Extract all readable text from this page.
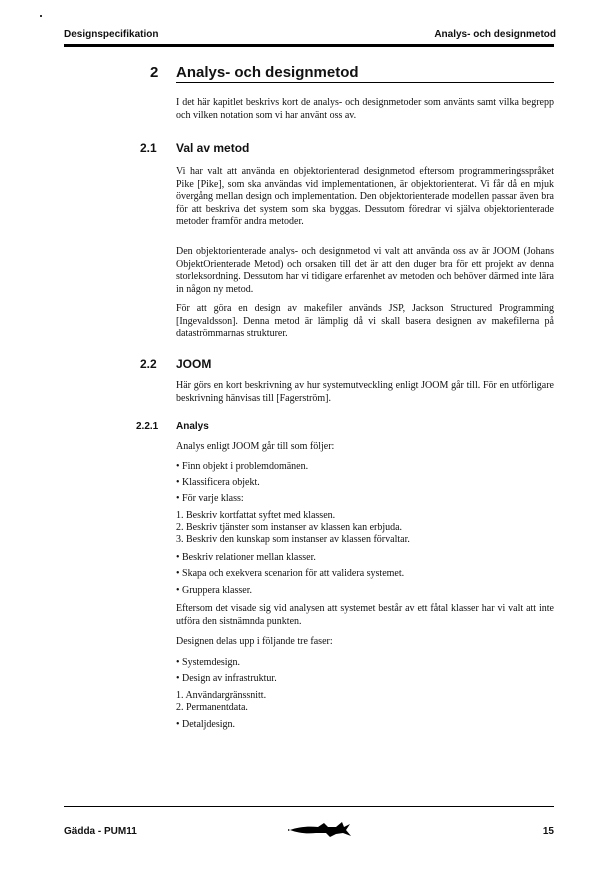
Designspecifikation	Analys- och designmetod
2 Analys- och designmetod

I det här kapitlet beskrivs kort de analys- och designmetoder som använts samt vilka begrepp och vilken notation som vi har använt oss av.

2.1 Val av metod

Vi har valt att använda en objektorienterad designmetod eftersom programmeringsspråket Pike [Pike], som ska användas vid implementationen, är objektorienterat. Vi får då en mjuk övergång mellan design och implementation. Den objektorienterade modellen passar även bra för att beskriva det system som ska byggas. Dessutom föredrar vi själva objektorienterade metoder framför andra metoder.

Den objektorienterade analys- och designmetod vi valt att använda oss av är JOOM (Johans ObjektOrienterade Metod) och orsaken till det är att den duger bra för ett projekt av denna storleksordning. Dessutom har vi tidigare erfarenhet av metoden och behöver därmed inte lära in någon ny metod.

För att göra en design av makefiler används JSP, Jackson Structured Programming [Ingevaldsson]. Denna metod är lämplig då vi skall basera designen av makefilerna på dataströmmarnas strukturer.

2.2 JOOM

Här görs en kort beskrivning av hur systemutveckling enligt JOOM går till. För en utförligare beskrivning hänvisas till [Fagerström].

2.2.1 Analys
Analys enligt JOOM går till som följer:
• Finn objekt i problemdomänen.
• Klassificera objekt.
• För varje klass:
1. Beskriv kortfattat syftet med klassen.
2. Beskriv tjänster som instanser av klassen kan erbjuda.
3. Beskriv den kunskap som instanser av klassen förvaltar.
• Beskriv relationer mellan klasser.
• Skapa och exekvera scenarion för att validera systemet.
• Gruppera klasser.

Eftersom det visade sig vid analysen att systemet består av ett fåtal klasser har vi valt att inte utföra den sistnämnda punkten.

Designen delas upp i följande tre faser:
• Systemdesign.
• Design av infrastruktur.
1. Användargränssnitt.
2. Permanentdata.
• Detaljdesign.
Gädda - PUM11	15
